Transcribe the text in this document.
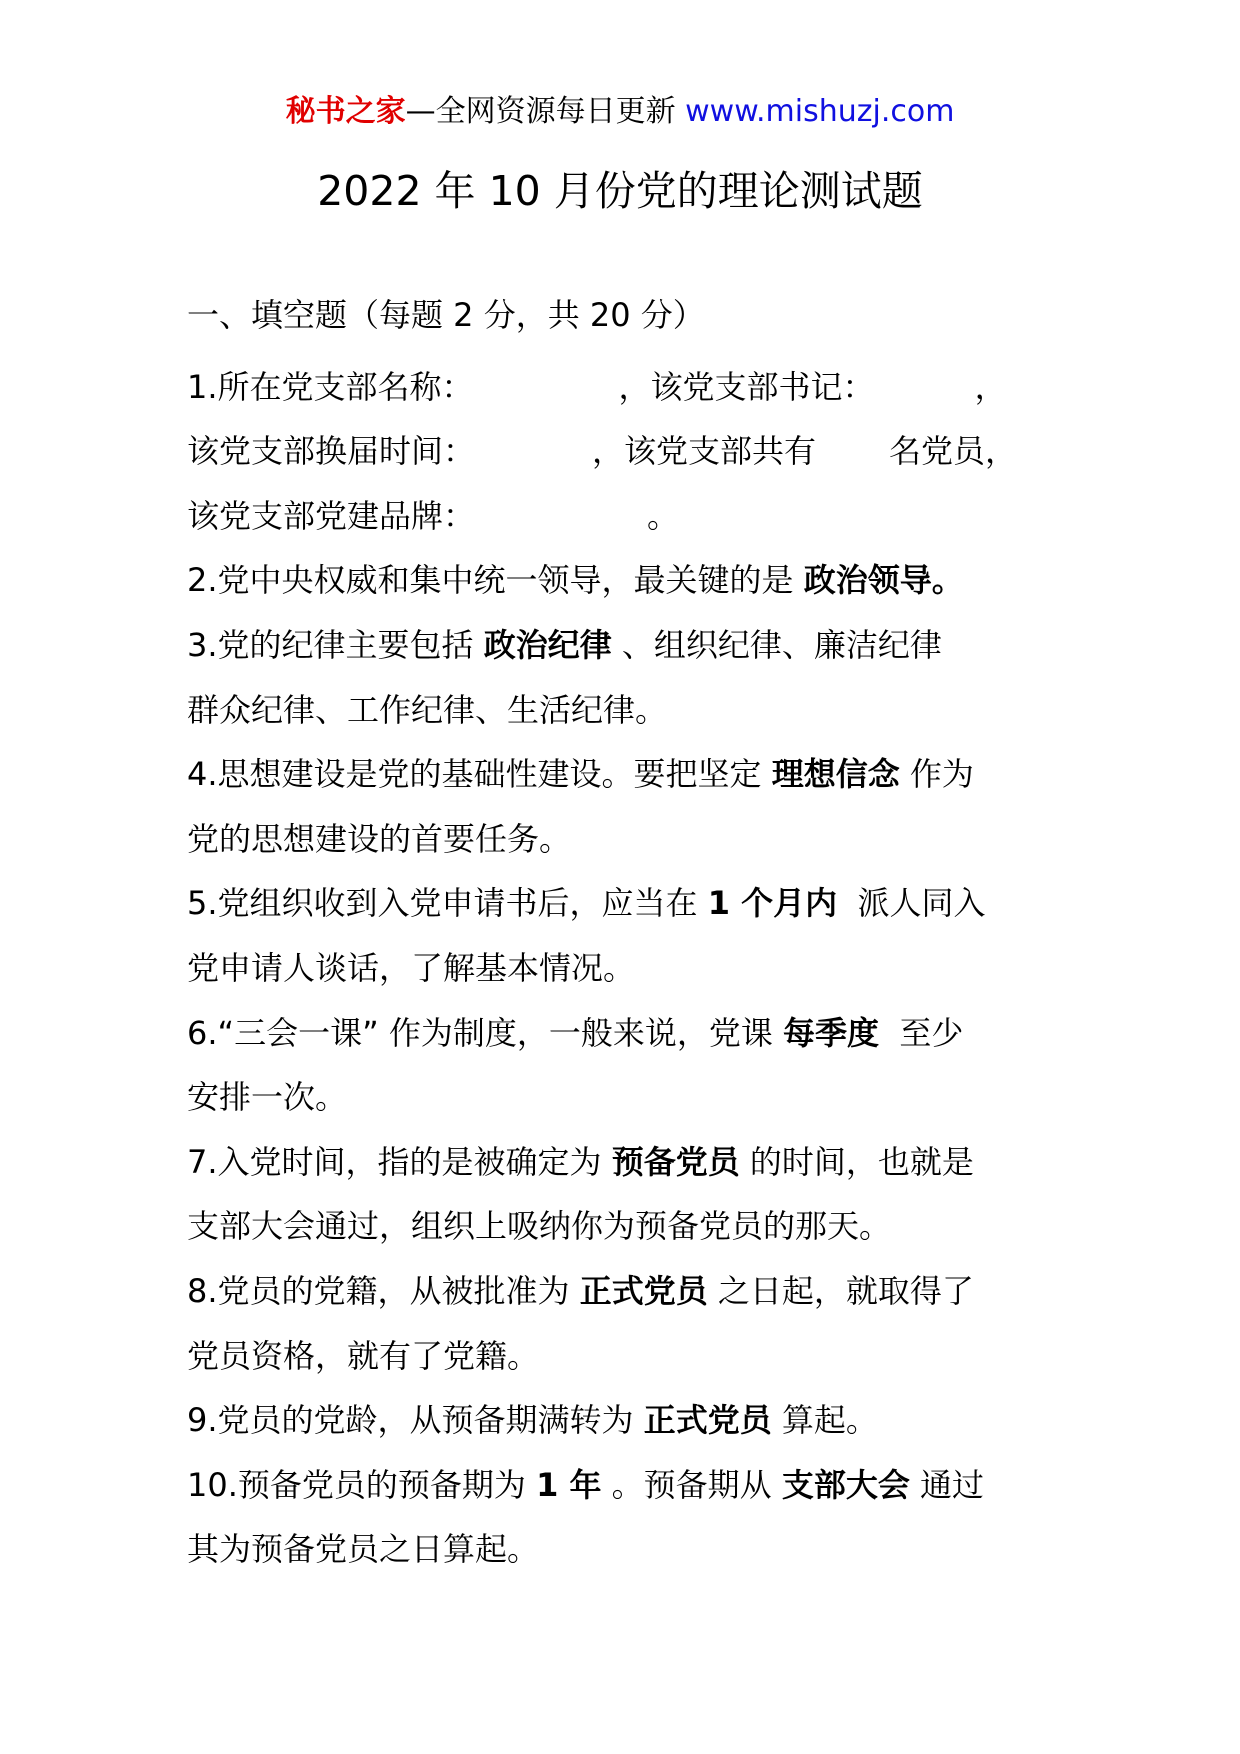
秘书之家—全网资源每日更新 www.mishuzj.com
2022 年 10 月份党的理论测试题
一、填空题（每题 2 分，共 20 分）
1.所在党支部名称：	，该党支部书记：	，
该党支部换届时间：	，该党支部共有 名党员，
该党支部党建品牌：	。
2.党中央权威和集中统一领导，最关键的是 政治领导。
3.党的纪律主要包括 政治纪律 、组织纪律、廉洁纪律
群众纪律、工作纪律、生活纪律。
4.思想建设是党的基础性建设。要把坚定 理想信念 作为
党的思想建设的首要任务。
5.党组织收到入党申请书后，应当在 1 个月内  派人同入
党申请人谈话，了解基本情况。
6.“三会一课” 作为制度，一般来说，党课 每季度  至少
安排一次。
7.入党时间，指的是被确定为 预备党员 的时间，也就是
支部大会通过，组织上吸纳你为预备党员的那天。
8.党员的党籍，从被批准为 正式党员 之日起，就取得了
党员资格，就有了党籍。
9.党员的党龄，从预备期满转为 正式党员 算起。
10.预备党员的预备期为 1 年 。预备期从 支部大会 通过
其为预备党员之日算起。
